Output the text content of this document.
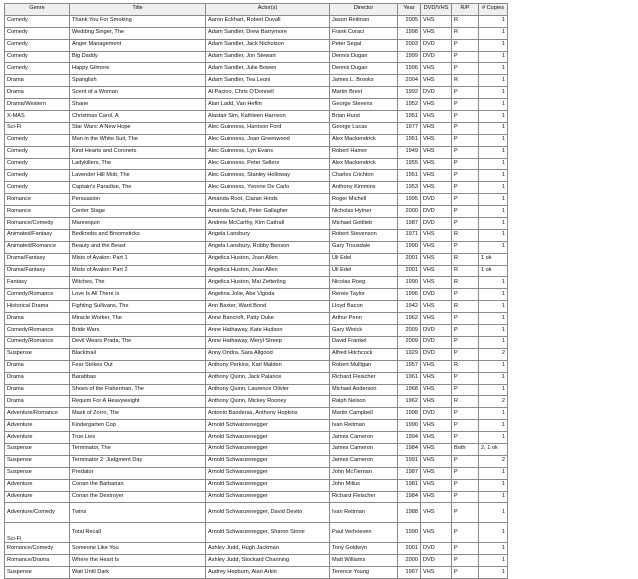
Genre	Title	Actor(s)	Director	Year	DVD/VHS	R/P	# Copies
Comedy	Thank You For Smoking	Aaron Eckhart, Robert Duvall	Jason Reitman	2005	VHS	R	1
Comedy	Wedding Singer, The	Adam Sandler, Drew Barrymore	Frank Coraci	1998	VHS	R	1
Comedy	Anger Management	Adam Sandler, Jack Nicholson	Peter Segal	2003	DVD	P	1
Comedy	Big Daddy	Adam Sandler, Jon Stewart	Dennis Dugan	1999	DVD	P	1
Comedy	Happy Gilmore	Adam Sandler, Julie Bowen	Dennis Dugan	1996	VHS	P	1
Drama	Spanglish	Adam Sandler, Tea Leoni	James L. Brooks	2004	VHS	R	1
Drama	Scent of a Woman	Al Pacino, Chris O'Donnell	Martin Brest	1992	DVD	P	1
Drama/Western	Shane	Alan Ladd, Van Heflin	George Stevens	1952	VHS	P	1
X-MAS	Christmas Carol, A	Alastair Sim, Kathleen Harrison	Brian Hurst	1951	VHS	P	1
Sci-Fi	Star Wars: A New Hope	Alec Guinness, Harrison Ford	George Lucas	1977	VHS	P	1
Comedy	Man in the White Suit, The	Alec Guinness, Joan Greenwood	Alex Mackendrick	1951	VHS	P	1
Comedy	Kind Hearts and Coronets	Alec Guinness, Lyn Evans	Robert Hamer	1949	VHS	P	1
Comedy	Ladykillers, The	Alec Guinness, Peter Sellers	Alex Mackendrick	1955	VHS	P	1
Comedy	Lavender Hill Mob, The	Alec Guinness, Stanley Holloway	Charles Crichton	1951	VHS	P	1
Comedy	Captain's Paradise, The	Alec Guinness, Yvonne De Carlo	Anthony Kimmins	1953	VHS	P	1
Romance	Persuasion	Amanda Root, Ciaran Hinds	Roger Michell	1995	DVD	P	1
Romance	Center Stage	Amanda Schull, Peter Gallagher	Nicholas Hytner	2000	DVD	P	1
Romance/Comedy	Mannequin	Andrew McCarthy, Kim Cattrall	Michael Gottlieb	1987	DVD	P	1
Animated/Fantasy	Bedknobs and Broomsticks	Angela Lansbury	Robert Stevenson	1971	VHS	R	1
Animated/Romance	Beauty and the Beast	Angela Lansbury, Robby Benson	Gary Trousdale	1990	VHS	P	1
Drama/Fantasy	Mists of Avalon: Part 1	Angelica Huston, Joan Allen	Uli Edel	2001	VHS	R	1 ok
Drama/Fantasy	Mists of Avalon: Part 2	Angelica Huston, Joan Allen	Uli Edel	2001	VHS	R	1 ok
Fantasy	Witches, The	Angelica Huston, Mai Zetterling	Nicolas Roeg	1990	VHS	R	1
Comedy/Romance	Love Is All There Is	Angelina Jolie, Abe Vigoda	Renée Taylor	1996	DVD	P	1
Historical Drama	Fighting Sullivans, The	Ann Baxter, Ward Bond	Lloyd Bacon	1942	VHS	R	1
Drama	Miracle Worker, The	Anne Bancroft, Patty Duke	Arthur Penn	1962	VHS	P	1
Comedy/Romance	Bride Wars	Anne Hathaway, Kate Hudson	Gary Winick	2009	DVD	P	1
Comedy/Romance	Devil Wears Prada, The	Anne Hathaway, Meryl Streep	David Frankel	2009	DVD	P	1
Suspense	Blackmail	Anny Ondra, Sara Allgood	Alfred Hitchcock	1929	DVD	P	2
Drama	Fear Strikes Out	Anthony Perkins, Karl Malden	Robert Mulligan	1957	VHS	R	1
Drama	Barabbas	Anthony Quinn, Jack Palance	Richard Fleischer	1961	VHS	P	1
Drama	Shoes of the Fisherman, The	Anthony Quinn, Laurence Olivier	Michael Anderson	1968	VHS	P	1
Drama	Requim For A Heavyweight	Anthony Quinn, Mickey Rooney	Ralph Nelson	1962	VHS	R	2
Adventure/Romance	Mask of Zorro, The	Antonio Banderas, Anthony Hopkins	Martin Campbell	1998	DVD	P	1
Adventure	Kindergarten Cop	Arnold Schwarzenegger	Ivan Reitman	1990	VHS	P	1
Adventure	True Lies	Arnold Schwarzenegger	James Cameron	1994	VHS	P	1
Suspense	Terminator, The	Arnold Schwarzenegger	James Cameron	1984	VHS	Both	2, 1 ok
Suspense	Terminator 2: Judgment Day	Arnold Schwarzenegger	James Cameron	1991	VHS	P	2
Suspense	Predator	Arnold Schwarzenegger	John McTiernan	1987	VHS	P	1
Adventure	Conan the Barbarian	Arnold Schwarzenegger	John Milius	1981	VHS	P	1
Adventure	Conan the Destroyer	Arnold Schwarzenegger	Richard Fleischer	1984	VHS	P	1
Adventure/Comedy	Twins	Arnold Schwarzenegger, David Devito	Ivan Reitman	1988	VHS	P	1
Sci-Fi	Total Recall	Arnold Schwarzenegger, Sharon Stone	Paul Verhoeven	1990	VHS	P	1
Romance/Comedy	Someone Like You	Ashley Judd, Hugh Jackman	Tony Goldwyn	2001	DVD	P	1
Romance/Drama	Where the Heart Is	Ashley Judd, Stockard Channing	Matt Williams	2000	DVD	P	1
Suspense	Wait Until Dark	Audrey Hepburn, Alan Arkin	Terence Young	1967	VHS	P	1
